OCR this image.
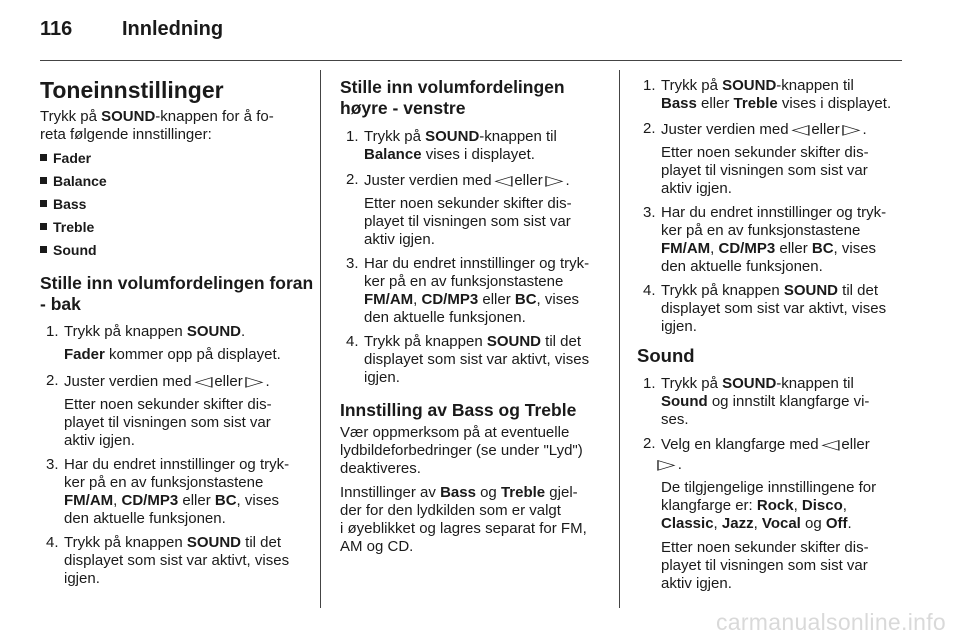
116 Innledning
Toneinnstillinger
Trykk på SOUND-knappen for å fo-
reta følgende innstillinger:
Fader
Balance
Bass
Treble
Sound
Stille inn volumfordelingen foran
- bak
1. Trykk på knappen SOUND.
Fader kommer opp på displayet.
2. Juster verdien med ◁ eller ▷ .
Etter noen sekunder skifter dis-
playet til visningen som sist var
aktiv igjen.
3. Har du endret innstillinger og tryk-
ker på en av funksjonstastene
FM/AM, CD/MP3 eller BC, vises
den aktuelle funksjonen.
4. Trykk på knappen SOUND til det
displayet som sist var aktivt, vises
igjen.
Stille inn volumfordelingen
høyre - venstre
1. Trykk på SOUND-knappen til
Balance vises i displayet.
2. Juster verdien med ◁ eller ▷ .
Etter noen sekunder skifter dis-
playet til visningen som sist var
aktiv igjen.
3. Har du endret innstillinger og tryk-
ker på en av funksjonstastene
FM/AM, CD/MP3 eller BC, vises
den aktuelle funksjonen.
4. Trykk på knappen SOUND til det
displayet som sist var aktivt, vises
igjen.
Innstilling av Bass og Treble
Vær oppmerksom på at eventuelle
lydbildeforbedringer (se under "Lyd")
deaktiveres.
Innstillinger av Bass og Treble gjel-
der for den lydkilden som er valgt
i øyeblikket og lagres separat for FM,
AM og CD.
1. Trykk på SOUND-knappen til
Bass eller Treble vises i displayet.
2. Juster verdien med ◁ eller ▷ .
Etter noen sekunder skifter dis-
playet til visningen som sist var
aktiv igjen.
3. Har du endret innstillinger og tryk-
ker på en av funksjonstastene
FM/AM, CD/MP3 eller BC, vises
den aktuelle funksjonen.
4. Trykk på knappen SOUND til det
displayet som sist var aktivt, vises
igjen.
Sound
1. Trykk på SOUND-knappen til
Sound og innstilt klangfarge vi-
ses.
2. Velg en klangfarge med ◁ eller
▷ .
De tilgjengelige innstillingene for
klangfarge er: Rock, Disco,
Classic, Jazz, Vocal og Off.
Etter noen sekunder skifter dis-
playet til visningen som sist var
aktiv igjen.
carmanualsonline.info
